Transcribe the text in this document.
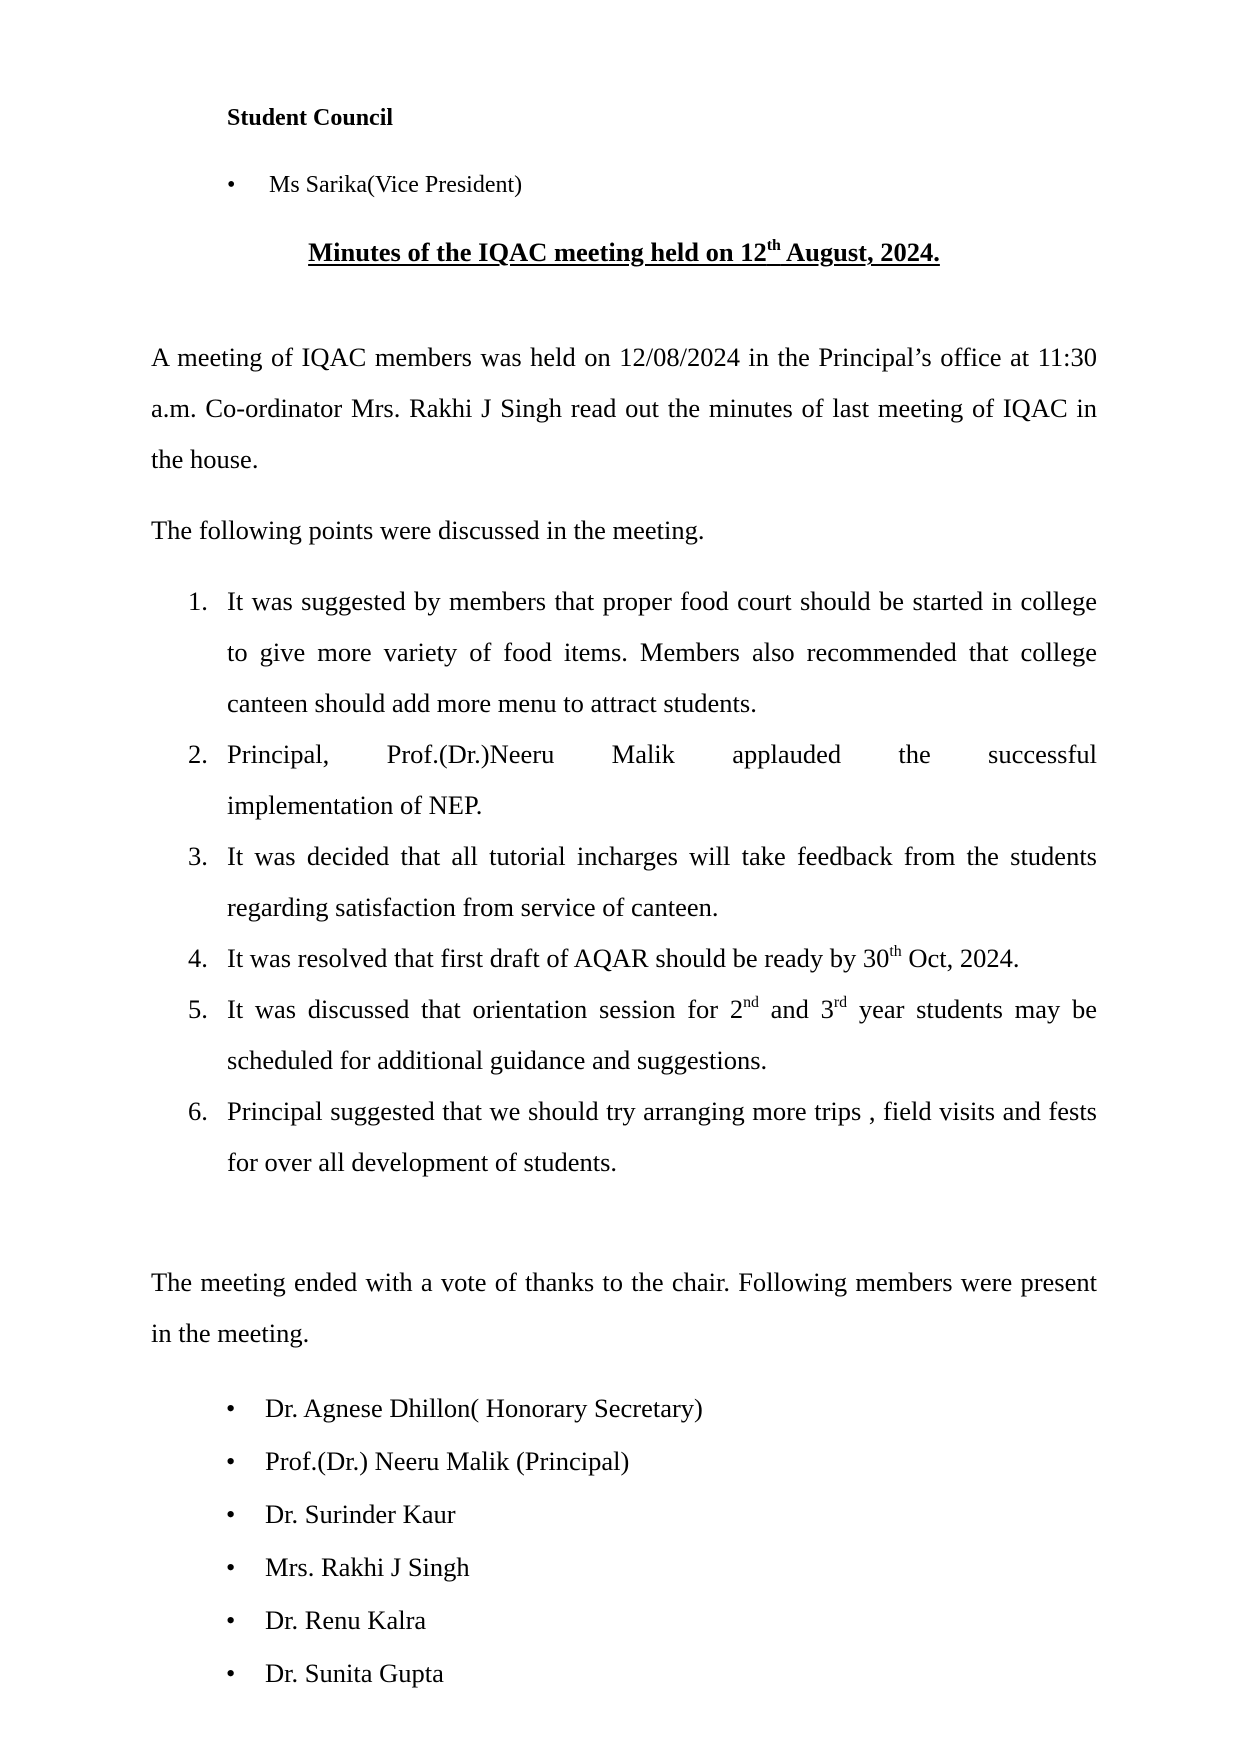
Student Council
•	Ms Sarika(Vice President)
Minutes of the IQAC meeting held on 12th August, 2024.

A meeting of IQAC members was held on 12/08/2024 in the Principal’s office at 11:30 a.m. Co-ordinator Mrs. Rakhi J Singh read out the minutes of last meeting of IQAC in the house.

The following points were discussed in the meeting.

1. It was suggested by members that proper food court should be started in college to give more variety of food items. Members also recommended that college canteen should add more menu to attract students.
2. Principal, Prof.(Dr.)Neeru Malik applauded the successful
implementation of NEP.
3. It was decided that all tutorial incharges will take feedback from the students regarding satisfaction from service of canteen.
4. It was resolved that first draft of AQAR should be ready by 30th Oct, 2024.
5. It was discussed that orientation session for 2nd and 3rd year students may be scheduled for additional guidance and suggestions.
6. Principal suggested that we should try arranging more trips , field visits and fests for over all development of students.

The meeting ended with a vote of thanks to the chair. Following members were present in the meeting.

• Dr. Agnese Dhillon( Honorary Secretary)
• Prof.(Dr.) Neeru Malik (Principal)
• Dr. Surinder Kaur
• Mrs. Rakhi J Singh
• Dr. Renu Kalra
• Dr. Sunita Gupta
